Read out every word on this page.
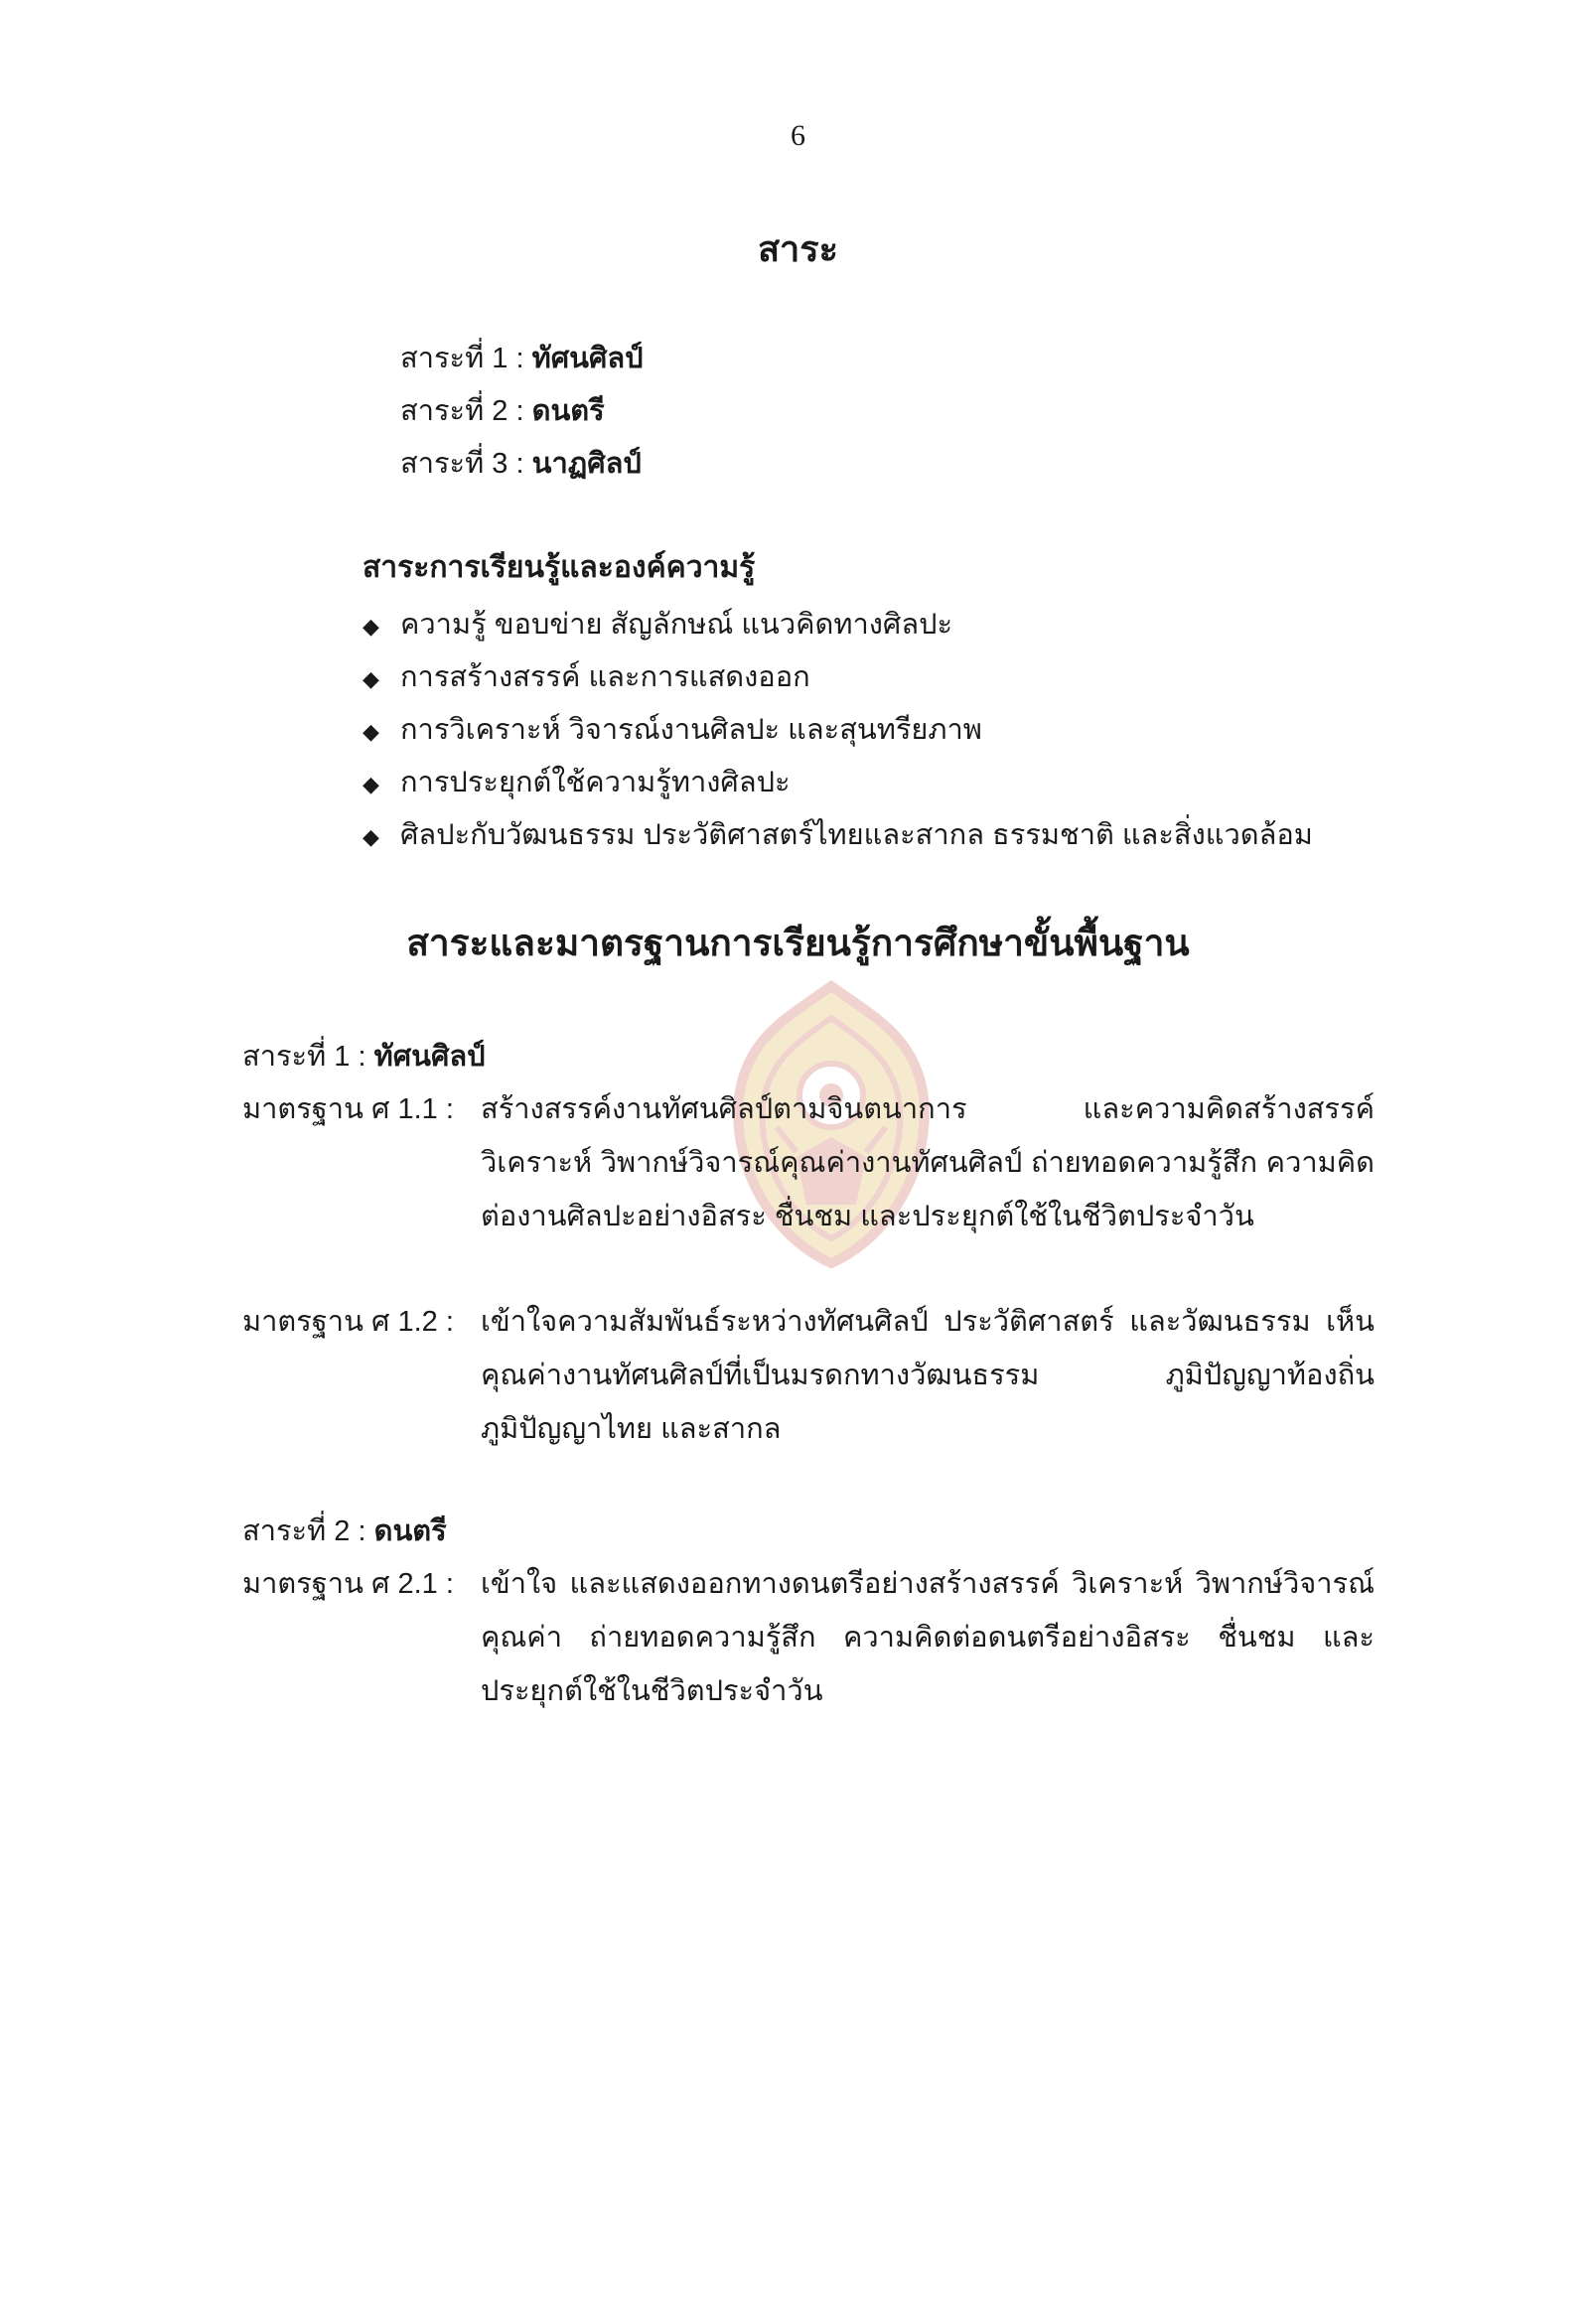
6
สาระ
สาระที่ 1 : ทัศนศิลป์
สาระที่ 2 : ดนตรี
สาระที่ 3 : นาฏศิลป์
สาระการเรียนรู้และองค์ความรู้
◆ ความรู้ ขอบข่าย สัญลักษณ์ แนวคิดทางศิลปะ
◆ การสร้างสรรค์ และการแสดงออก
◆ การวิเคราะห์ วิจารณ์งานศิลปะ และสุนทรียภาพ
◆ การประยุกต์ใช้ความรู้ทางศิลปะ
◆ ศิลปะกับวัฒนธรรม ประวัติศาสตร์ไทยและสากล ธรรมชาติ และสิ่งแวดล้อม
สาระและมาตรฐานการเรียนรู้การศึกษาขั้นพื้นฐาน
สาระที่ 1 : ทัศนศิลป์
มาตรฐาน ศ 1.1 : สร้างสรรค์งานทัศนศิลป์ตามจินตนาการ และความคิดสร้างสรรค์ วิเคราะห์ วิพากษ์วิจารณ์คุณค่างานทัศนศิลป์ ถ่ายทอดความรู้สึก ความคิดต่องานศิลปะอย่างอิสระ ชื่นชม และประยุกต์ใช้ในชีวิตประจำวัน
มาตรฐาน ศ 1.2 : เข้าใจความสัมพันธ์ระหว่างทัศนศิลป์ ประวัติศาสตร์ และวัฒนธรรม เห็นคุณค่างานทัศนศิลป์ที่เป็นมรดกทางวัฒนธรรม ภูมิปัญญาท้องถิ่น ภูมิปัญญาไทย และสากล
สาระที่ 2 : ดนตรี
มาตรฐาน ศ 2.1 : เข้าใจ และแสดงออกทางดนตรีอย่างสร้างสรรค์ วิเคราะห์ วิพากษ์วิจารณ์คุณค่า ถ่ายทอดความรู้สึก ความคิดต่อดนตรีอย่างอิสระ ชื่นชม และประยุกต์ใช้ในชีวิตประจำวัน
